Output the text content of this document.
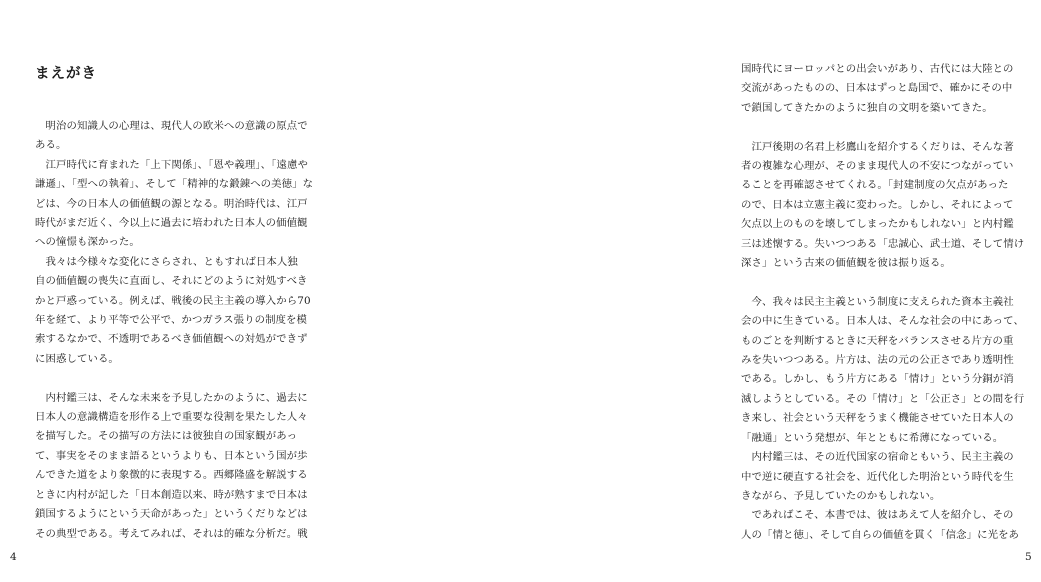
まえがき
　明治の知識人の心理は、現代人の欧米への意識の原点で
ある。
　江戸時代に育まれた「上下関係」、「恩や義理」、「遠慮や
謙遜」、「型への執着」、そして「精神的な鍛錬への美徳」な
どは、今の日本人の価値観の源となる。明治時代は、江戸
時代がまだ近く、今以上に過去に培われた日本人の価値観
への憧憬も深かった。
　我々は今様々な変化にさらされ、ともすれば日本人独
自の価値観の喪失に直面し、それにどのように対処すべき
かと戸惑っている。例えば、戦後の民主主義の導入から70
年を経て、より平等で公平で、かつガラス張りの制度を模
索するなかで、不透明であるべき価値観への対処ができず
に困惑している。
　内村鑑三は、そんな未来を予見したかのように、過去に
日本人の意識構造を形作る上で重要な役割を果たした人々
を描写した。その描写の方法には彼独自の国家観があっ
て、事実をそのまま語るというよりも、日本という国が歩
んできた道をより象徴的に表現する。西郷隆盛を解説する
ときに内村が記した「日本創造以来、時が熟すまで日本は
鎖国するようにという天命があった」というくだりなどは
その典型である。考えてみれば、それは的確な分析だ。戦
4
国時代にヨーロッパとの出会いがあり、古代には大陸との
交流があったものの、日本はずっと島国で、確かにその中
で鎖国してきたかのように独自の文明を築いてきた。
　江戸後期の名君上杉鷹山を紹介するくだりは、そんな著
者の複雑な心理が、そのまま現代人の不安につながってい
ることを再確認させてくれる。「封建制度の欠点があった
ので、日本は立憲主義に変わった。しかし、それによって
欠点以上のものを壊してしまったかもしれない」と内村鑑
三は述懐する。失いつつある「忠誠心、武士道、そして情け
深さ」という古来の価値観を彼は振り返る。
　今、我々は民主主義という制度に支えられた資本主義社
会の中に生きている。日本人は、そんな社会の中にあって、
ものごとを判断するときに天秤をバランスさせる片方の重
みを失いつつある。片方は、法の元の公正さであり透明性
である。しかし、もう片方にある「情け」という分銅が消
滅しようとしている。その「情け」と「公正さ」との間を行
き来し、社会という天秤をうまく機能させていた日本人の
「融通」という発想が、年とともに希薄になっている。
　内村鑑三は、その近代国家の宿命ともいう、民主主義の
中で逆に硬直する社会を、近代化した明治という時代を生
きながら、予見していたのかもしれない。
　であればこそ、本書では、彼はあえて人を紹介し、その
人の「情と徳」、そして自らの価値を貫く「信念」に光をあ
5
